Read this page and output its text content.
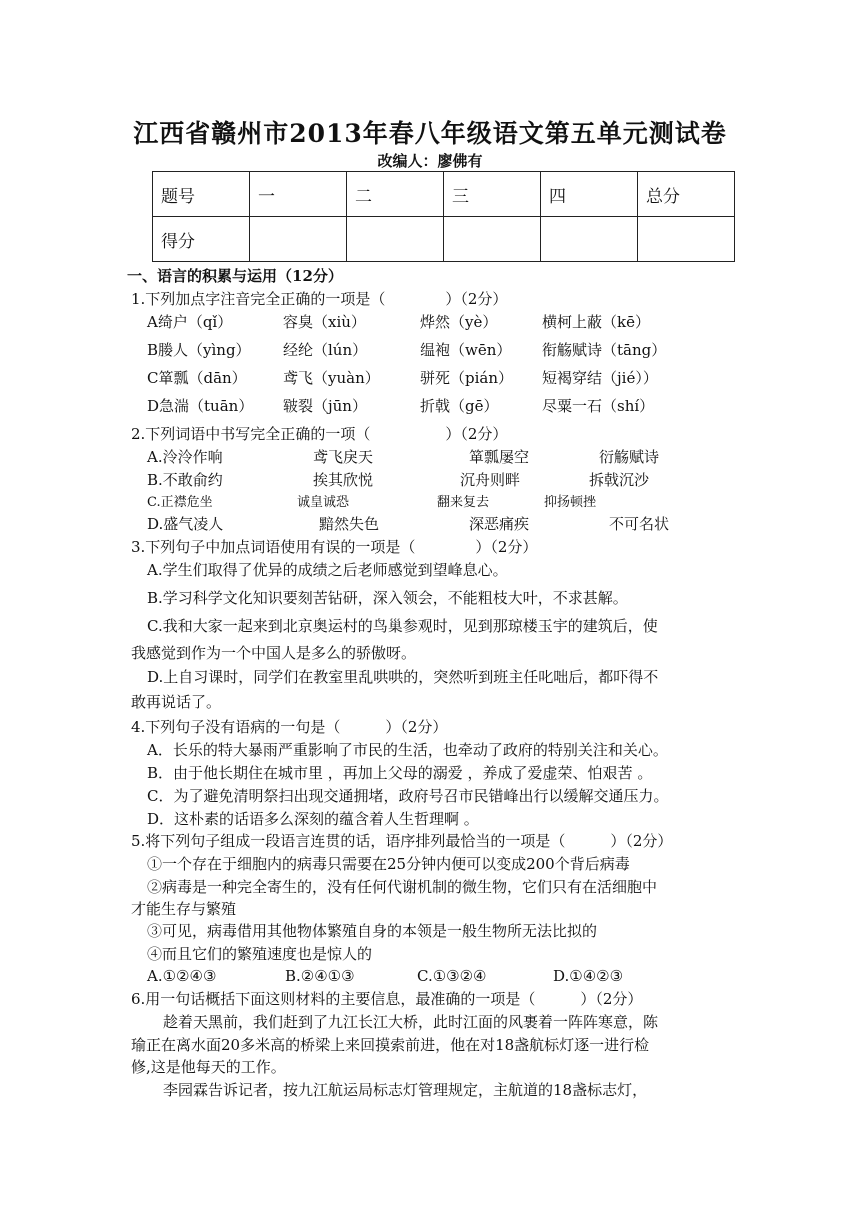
江西省赣州市2013年春八年级语文第五单元测试卷
改编人：廖佛有
题号	一	二	三	四	总分
得分					
一、语言的积累与运用（12分）
1.下列加点字注音完全正确的一项是（　　　　）（2分）
A绮户（qǐ）	容臭（xiù）	烨然（yè）	横柯上蔽（kē）
B媵人（yìng） 经纶（lún）	缊袍（wēn） 衔觞赋诗（tāng）
C箪瓢（dān） 鸢飞（yuàn）	骈死（pián） 短褐穿结（jié））
D急湍（tuān） 皲裂（jūn）	折戟（gē）	尽粟一石（shí）
2.下列词语中书写完全正确的一项（　　　　　）（2分）
A.泠泠作响	鸢飞戾天	箪瓢屡空	衍觞赋诗
B.不敢俞约	挨其欣悦	沉舟则畔	拆戟沉沙
C.正襟危坐	诚皇诚恐	翻来复去	抑扬顿挫
D.盛气凌人	黯然失色	深恶痛疾	不可名状
3.下列句子中加点词语使用有误的一项是（　　　　）（2分）
A.学生们取得了优异的成绩之后老师感觉到望峰息心。
B.学习科学文化知识要刻苦钻研，深入领会，不能粗枝大叶，不求甚解。
C.我和大家一起来到北京奥运村的鸟巢参观时，见到那琼楼玉宇的建筑后，使
我感觉到作为一个中国人是多么的骄傲呀。
D.上自习课时，同学们在教室里乱哄哄的，突然听到班主任叱咄后，都吓得不
敢再说话了。
4.下列句子没有语病的一句是（　　　）（2分）
A．长乐的特大暴雨严重影响了市民的生活，也牵动了政府的特别关注和关心。
B．由于他长期住在城市里 ，再加上父母的溺爱 ，养成了爱虚荣、怕艰苦 。
C．为了避免清明祭扫出现交通拥堵，政府号召市民错峰出行以缓解交通压力。
D．这朴素的话语多么深刻的蕴含着人生哲理啊 。
5.将下列句子组成一段语言连贯的话，语序排列最恰当的一项是（　　　）（2分）
①一个存在于细胞内的病毒只需要在25分钟内便可以变成200个背后病毒
②病毒是一种完全寄生的，没有任何代谢机制的微生物，它们只有在活细胞中
才能生存与繁殖
③可见，病毒借用其他物体繁殖自身的本领是一般生物所无法比拟的
④而且它们的繁殖速度也是惊人的
A.①②④③	B.②④①③	C.①③②④	D.①④②③
6.用一句话概括下面这则材料的主要信息，最准确的一项是（　　　）（2分）
趁着天黑前，我们赶到了九江长江大桥，此时江面的风裹着一阵阵寒意，陈
瑜正在离水面20多米高的桥梁上来回摸索前进，他在对18盏航标灯逐一进行检
修,这是他每天的工作。
李园霖告诉记者，按九江航运局标志灯管理规定，主航道的18盏标志灯，
